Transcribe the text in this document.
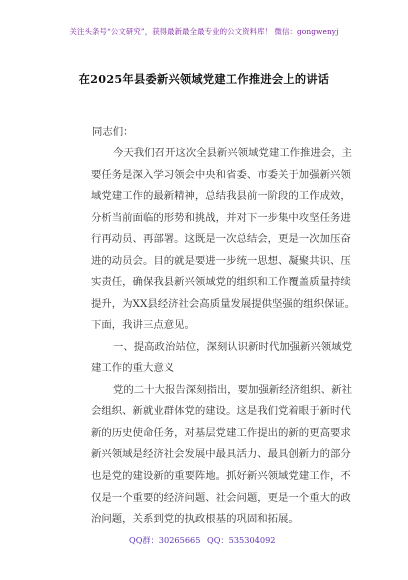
关注头条号“公文研究”，获得最新最全最专业的公文资料库！ 微信：gongwenyj
在2025年县委新兴领域党建工作推进会上的讲话
同志们：
今天我们召开这次全县新兴领域党建工作推进会，主
要任务是深入学习领会中央和省委、市委关于加强新兴领
域党建工作的最新精神，总结我县前一阶段的工作成效，
分析当前面临的形势和挑战，并对下一步集中攻坚任务进
行再动员、再部署。这既是一次总结会，更是一次加压奋
进的动员会。目的就是要进一步统一思想、凝聚共识、压
实责任，确保我县新兴领域党的组织和工作覆盖质量持续
提升，为XX县经济社会高质量发展提供坚强的组织保证。
下面，我讲三点意见。
一、提高政治站位，深刻认识新时代加强新兴领域党
建工作的重大意义
党的二十大报告深刻指出，要加强新经济组织、新社
会组织、新就业群体党的建设。这是我们党着眼于新时代
新的历史使命任务，对基层党建工作提出的新的更高要求
新兴领域是经济社会发展中最具活力、最具创新力的部分
也是党的建设新的重要阵地。抓好新兴领域党建工作，不
仅是一个重要的经济问题、社会问题，更是一个重大的政
治问题，关系到党的执政根基的巩固和拓展。
QQ群：30265665 QQ：535304092
